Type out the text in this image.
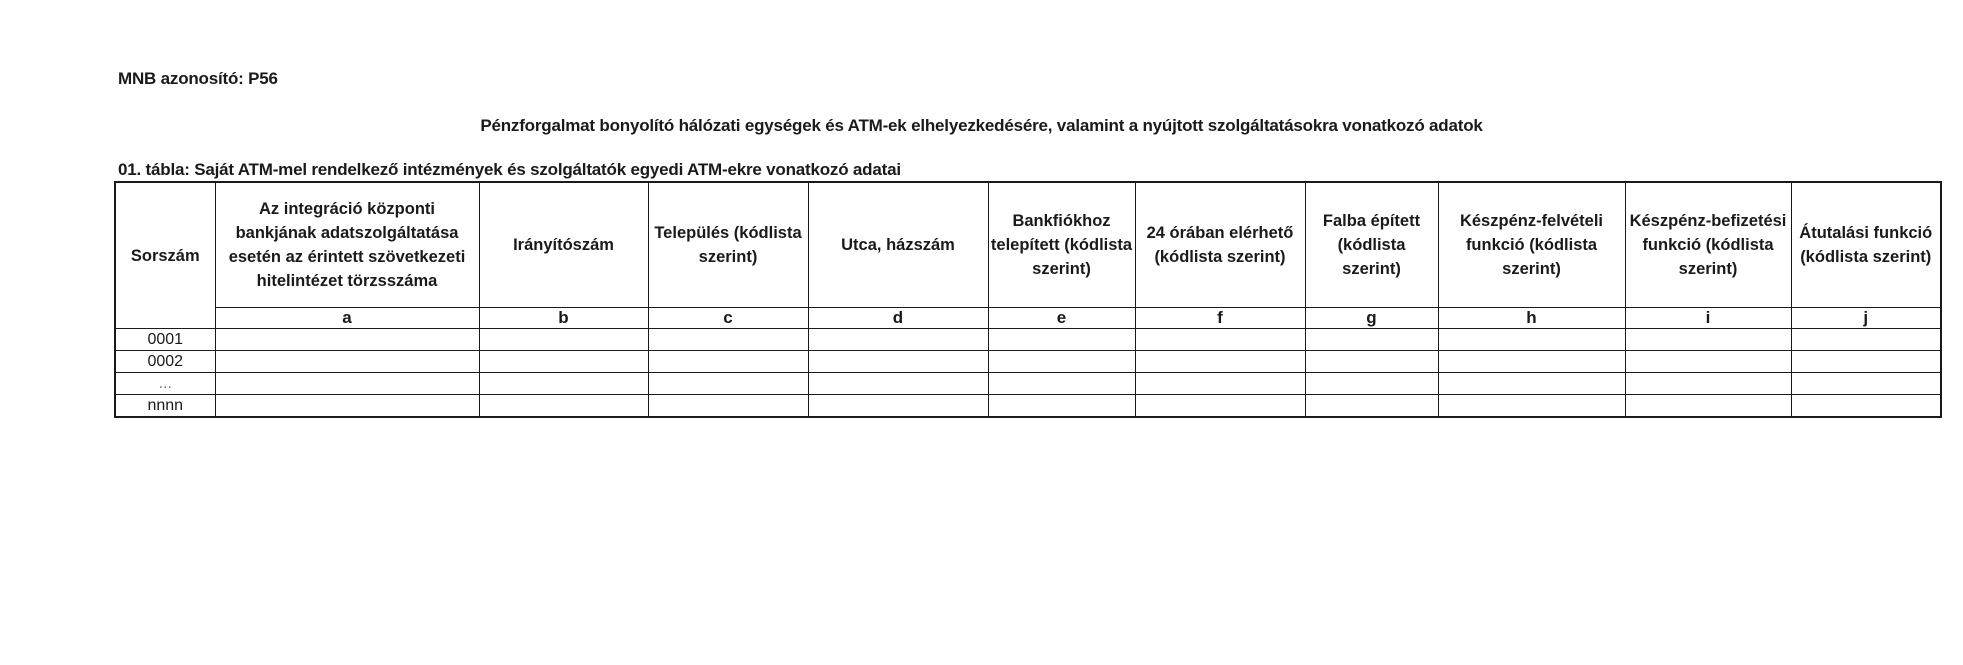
MNB azonosító: P56
Pénzforgalmat bonyolító hálózati egységek és ATM-ek elhelyezkedésére, valamint a nyújtott szolgáltatásokra vonatkozó adatok
01. tábla: Saját ATM-mel rendelkező intézmények és szolgáltatók egyedi ATM-ekre vonatkozó adatai
Sorszám	Az integráció központi bankjának adatszolgáltatása esetén az érintett szövetkezeti hitelintézet törzsszáma	Irányítószám	Település (kódlista szerint)	Utca, házszám	Bankfiókhoz telepített (kódlista szerint)	24 órában elérhető (kódlista szerint)	Falba épített (kódlista szerint)	Készpénz-felvételi funkció (kódlista szerint)	Készpénz-befizetési funkció (kódlista szerint)	Átutalási funkció (kódlista szerint)
	a	b	c	d	e	f	g	h	i	j
0001										
0002										
...										
nnnn										
